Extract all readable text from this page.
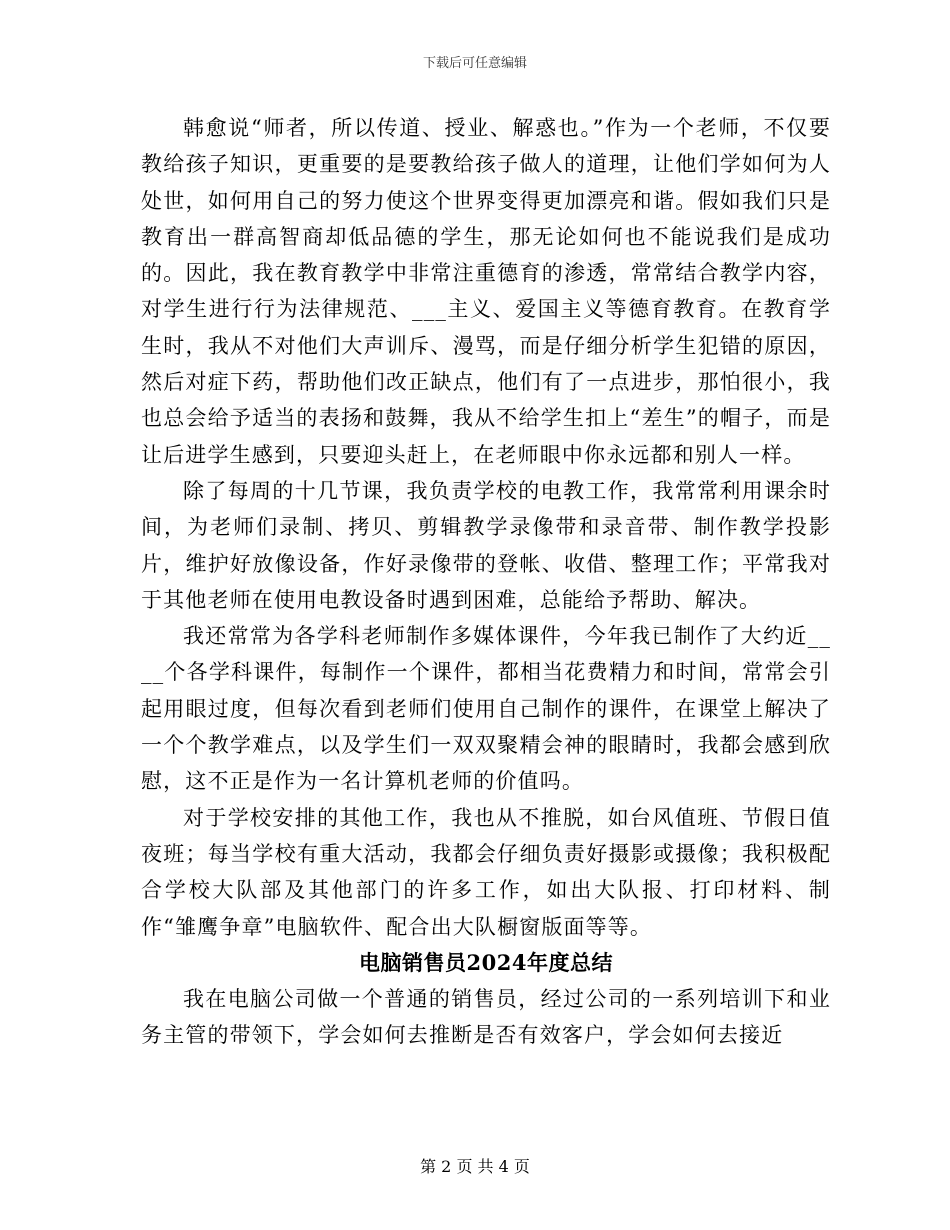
下载后可任意编辑

韩愈说“师者，所以传道、授业、解惑也。”作为一个老师，不仅要教给孩子知识，更重要的是要教给孩子做人的道理，让他们学如何为人处世，如何用自己的努力使这个世界变得更加漂亮和谐。假如我们只是教育出一群高智商却低品德的学生，那无论如何也不能说我们是成功的。因此，我在教育教学中非常注重德育的渗透，常常结合教学内容，对学生进行行为法律规范、___主义、爱国主义等德育教育。在教育学生时，我从不对他们大声训斥、漫骂，而是仔细分析学生犯错的原因，然后对症下药，帮助他们改正缺点，他们有了一点进步，那怕很小，我也总会给予适当的表扬和鼓舞，我从不给学生扣上“差生”的帽子，而是让后进学生感到，只要迎头赶上，在老师眼中你永远都和别人一样。

除了每周的十几节课，我负责学校的电教工作，我常常利用课余时间，为老师们录制、拷贝、剪辑教学录像带和录音带、制作教学投影片，维护好放像设备，作好录像带的登帐、收借、整理工作；平常我对于其他老师在使用电教设备时遇到困难，总能给予帮助、解决。

我还常常为各学科老师制作多媒体课件，今年我已制作了大约近____个各学科课件，每制作一个课件，都相当花费精力和时间，常常会引起用眼过度，但每次看到老师们使用自己制作的课件，在课堂上解决了一个个教学难点，以及学生们一双双聚精会神的眼睛时，我都会感到欣慰，这不正是作为一名计算机老师的价值吗。

对于学校安排的其他工作，我也从不推脱，如台风值班、节假日值夜班；每当学校有重大活动，我都会仔细负责好摄影或摄像；我积极配合学校大队部及其他部门的许多工作，如出大队报、打印材料、制作“雏鹰争章”电脑软件、配合出大队橱窗版面等等。

电脑销售员2024年度总结

我在电脑公司做一个普通的销售员，经过公司的一系列培训下和业务主管的带领下，学会如何去推断是否有效客户，学会如何去接近

第 2 页 共 4 页
